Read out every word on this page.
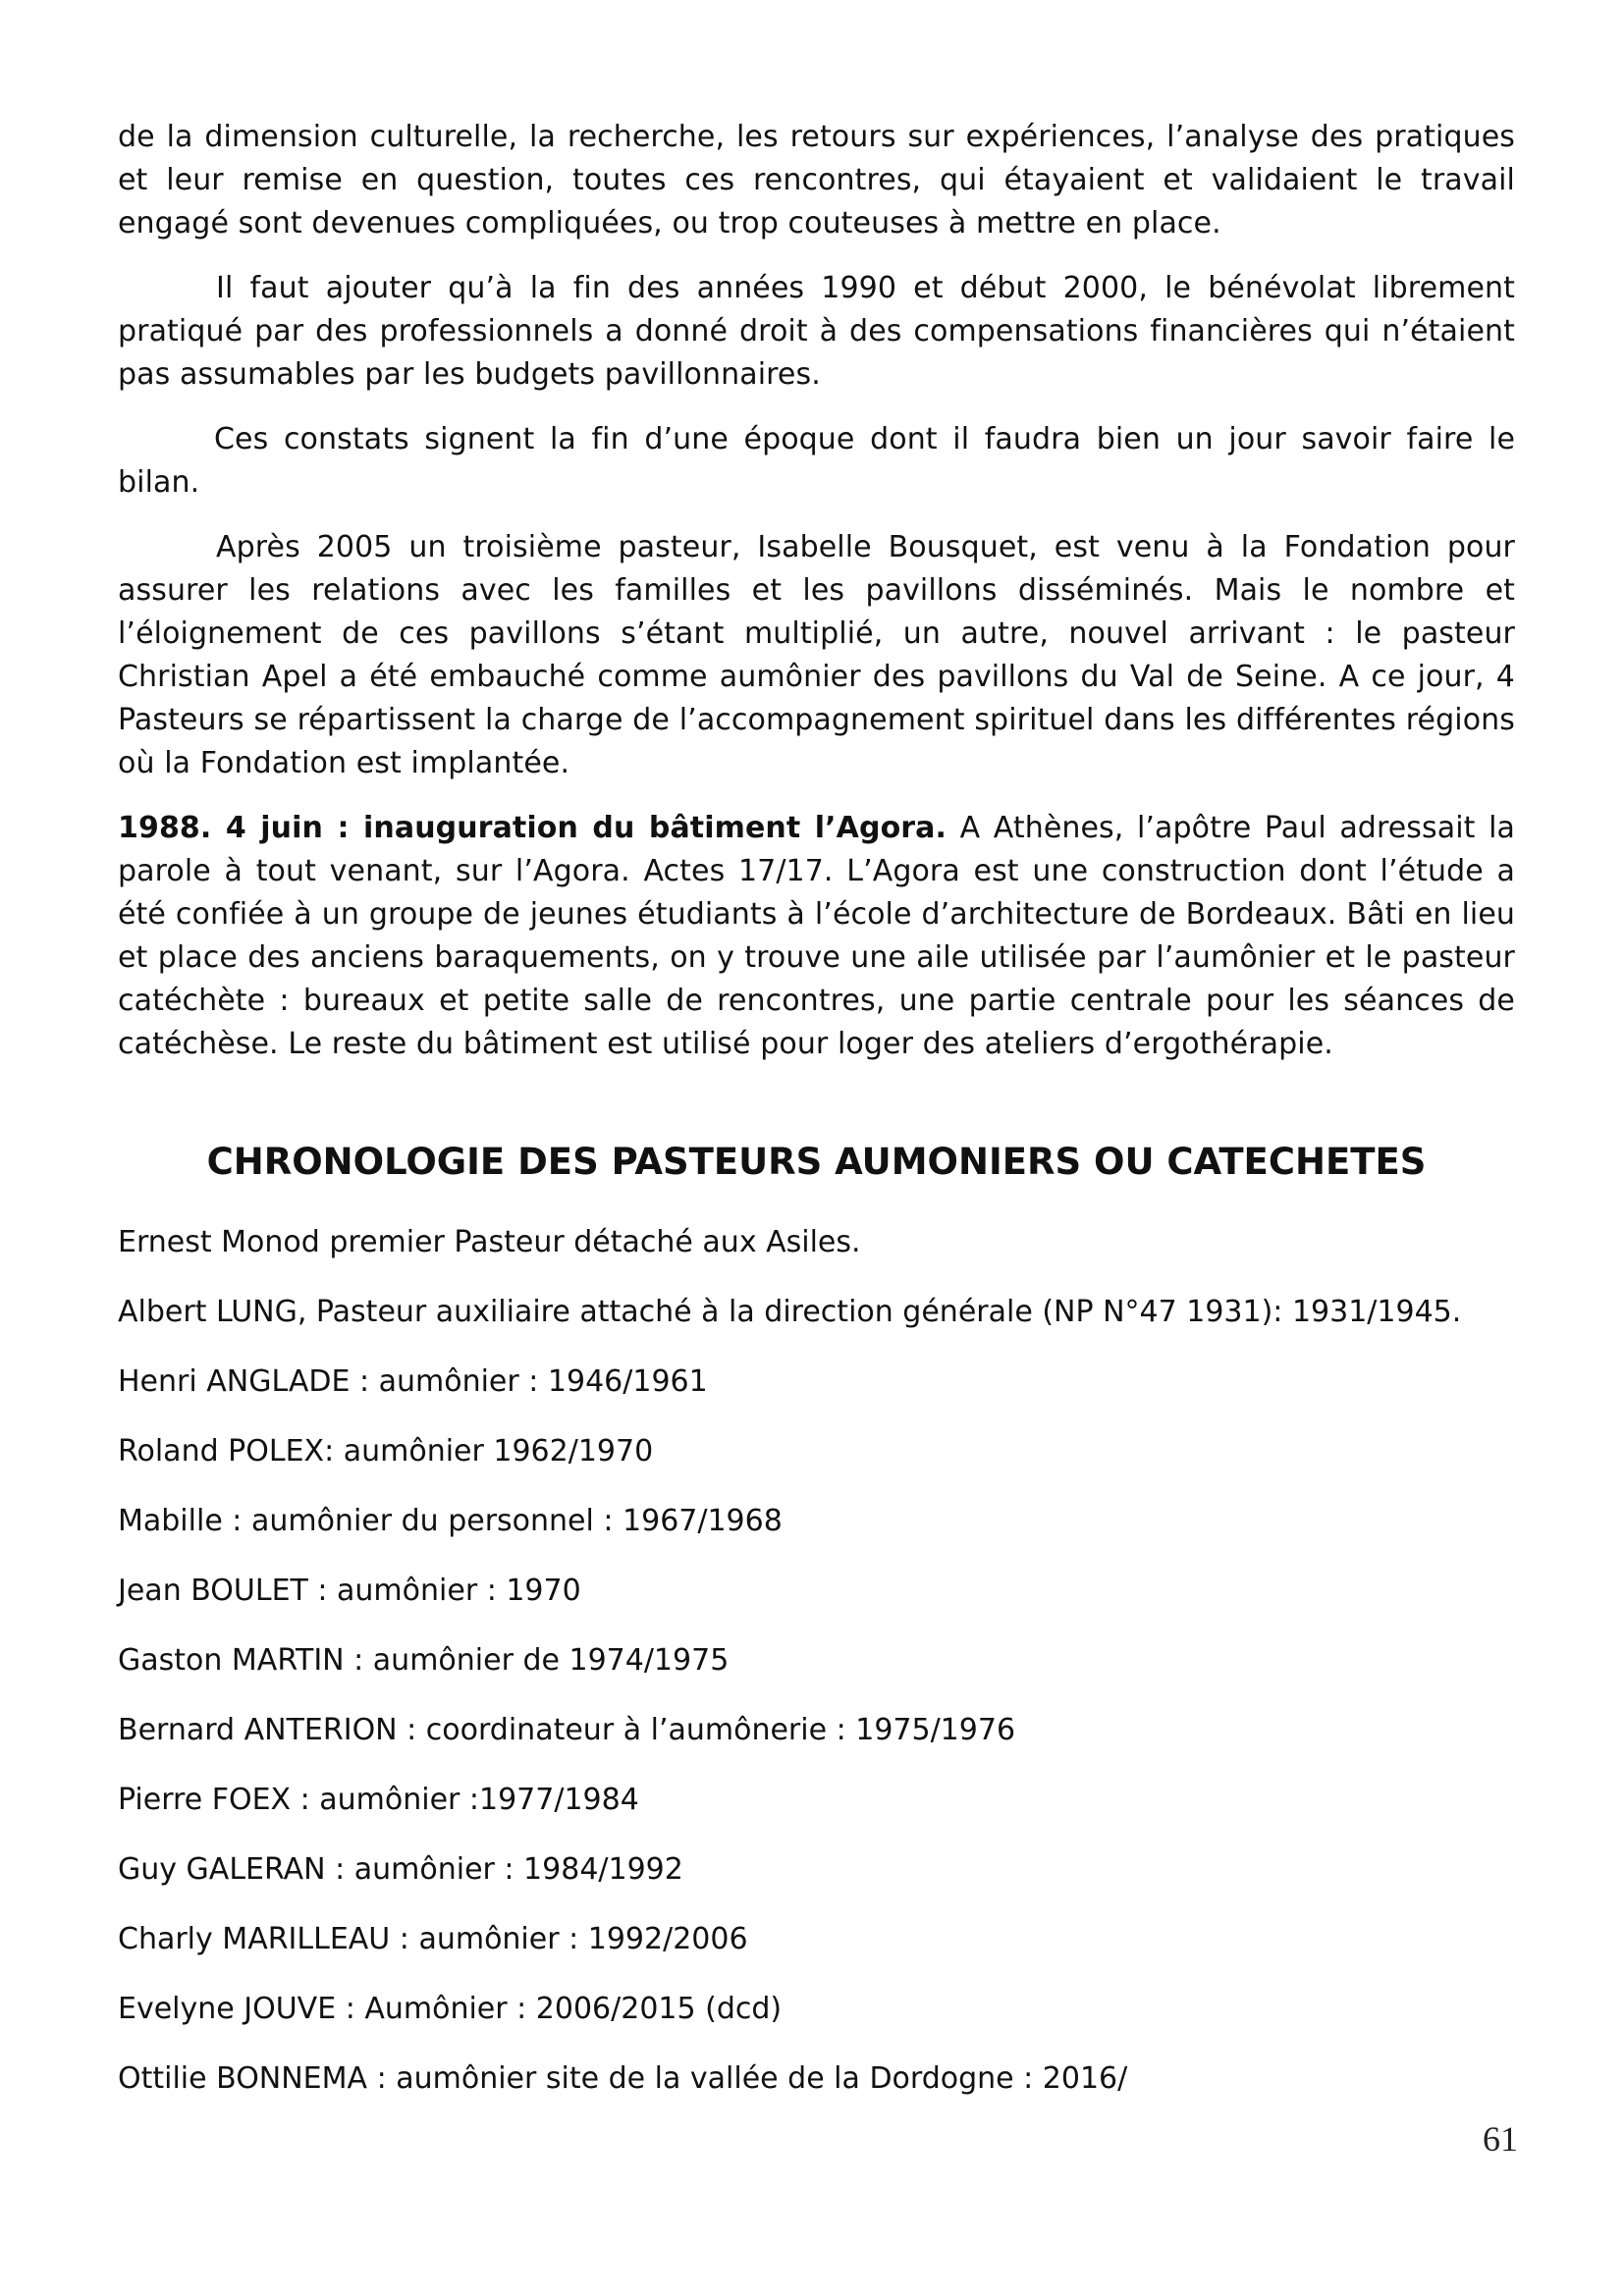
de la dimension culturelle, la recherche, les retours sur expériences, l’analyse des pratiques et leur remise en question, toutes ces rencontres, qui étayaient et validaient le travail engagé sont devenues compliquées, ou trop couteuses à mettre en place.

Il faut ajouter qu’à la fin des années 1990 et début 2000, le bénévolat librement pratiqué par des professionnels a donné droit à des compensations financières qui n’étaient pas assumables par les budgets pavillonnaires.

Ces constats signent la fin d’une époque dont il faudra bien un jour savoir faire le bilan.

Après 2005 un troisième pasteur, Isabelle Bousquet, est venu à la Fondation pour assurer les relations avec les familles et les pavillons disséminés. Mais le nombre et l’éloignement de ces pavillons s’étant multiplié, un autre, nouvel arrivant : le pasteur Christian Apel a été embauché comme aumônier des pavillons du Val de Seine. A ce jour, 4 Pasteurs se répartissent la charge de l’accompagnement spirituel dans les différentes régions où la Fondation est implantée.

1988. 4 juin : inauguration du bâtiment l’Agora. A Athènes, l’apôtre Paul adressait la parole à tout venant, sur l’Agora. Actes 17/17. L’Agora est une construction dont l’étude a été confiée à un groupe de jeunes étudiants à l’école d’architecture de Bordeaux. Bâti en lieu et place des anciens baraquements, on y trouve une aile utilisée par l’aumônier et le pasteur catéchète : bureaux et petite salle de rencontres, une partie centrale pour les séances de catéchèse. Le reste du bâtiment est utilisé pour loger des ateliers d’ergothérapie.

CHRONOLOGIE DES PASTEURS AUMONIERS OU CATECHETES
Ernest Monod premier Pasteur détaché aux Asiles.
Albert LUNG, Pasteur auxiliaire attaché à la direction générale (NP N°47 1931): 1931/1945.
Henri ANGLADE : aumônier : 1946/1961
Roland POLEX: aumônier 1962/1970
Mabille : aumônier du personnel : 1967/1968
Jean BOULET : aumônier : 1970
Gaston MARTIN : aumônier de 1974/1975
Bernard ANTERION : coordinateur à l’aumônerie : 1975/1976
Pierre FOEX : aumônier :1977/1984
Guy GALERAN : aumônier : 1984/1992
Charly MARILLEAU : aumônier : 1992/2006
Evelyne JOUVE : Aumônier : 2006/2015 (dcd)
Ottilie BONNEMA : aumônier site de la vallée de la Dordogne : 2016/
61
